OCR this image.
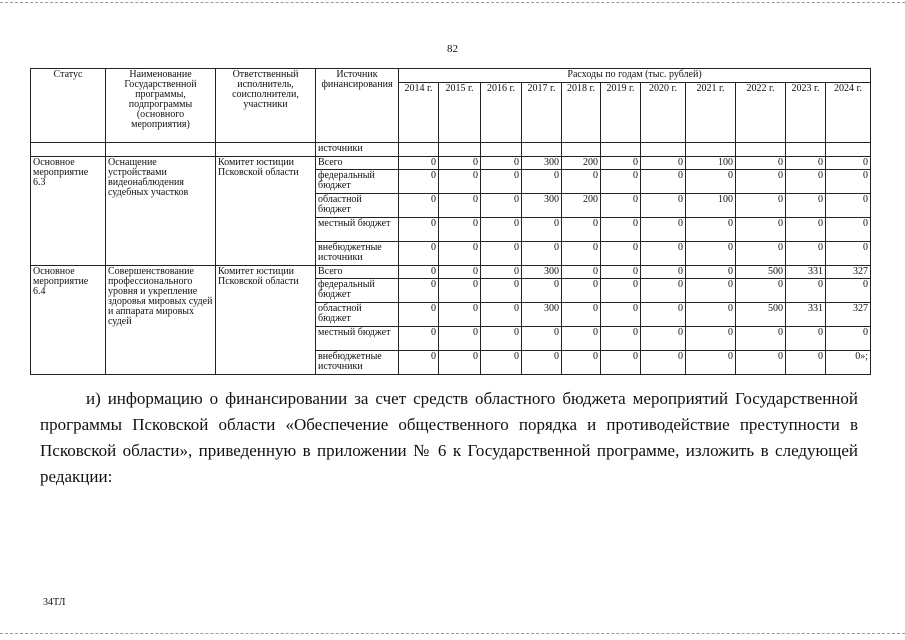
82
Статус	Наименование Государственной программы, подпрограммы (основного мероприятия)	Ответственный исполнитель, соисполнители, участники	Источник финансирования	Расходы по годам (тыс. рублей)										
				2014 г.	2015 г.	2016 г.	2017 г.	2018 г.	2019 г.	2020 г.	2021 г.	2022 г.	2023 г.	2024 г.
			источники											
Основное мероприятие 6.3	Оснащение устройствами видеонаблюдения судебных участков	Комитет юстиции Псковской области	Всего	0	0	0	300	200	0	0	100	0	0	0
			федеральный бюджет	0	0	0	0	0	0	0	0	0	0	0
			областной бюджет	0	0	0	300	200	0	0	100	0	0	0
			местный бюджет	0	0	0	0	0	0	0	0	0	0	0
			внебюджетные источники	0	0	0	0	0	0	0	0	0	0	0
Основное мероприятие 6.4	Совершенствование профессионального уровня и укрепление здоровья мировых судей и аппарата мировых судей	Комитет юстиции Псковской области	Всего	0	0	0	300	0	0	0	0	500	331	327
			федеральный бюджет	0	0	0	0	0	0	0	0	0	0	0
			областной бюджет	0	0	0	300	0	0	0	0	500	331	327
			местный бюджет	0	0	0	0	0	0	0	0	0	0	0
			внебюджетные источники	0	0	0	0	0	0	0	0	0	0	0»;

и) информацию о финансировании за счет средств областного бюджета мероприятий Государственной программы Псковской области «Обеспечение общественного порядка и противодействие преступности в Псковской области», приведенную в приложении № 6 к Государственной программе, изложить в следующей редакции:

34ТЛ
